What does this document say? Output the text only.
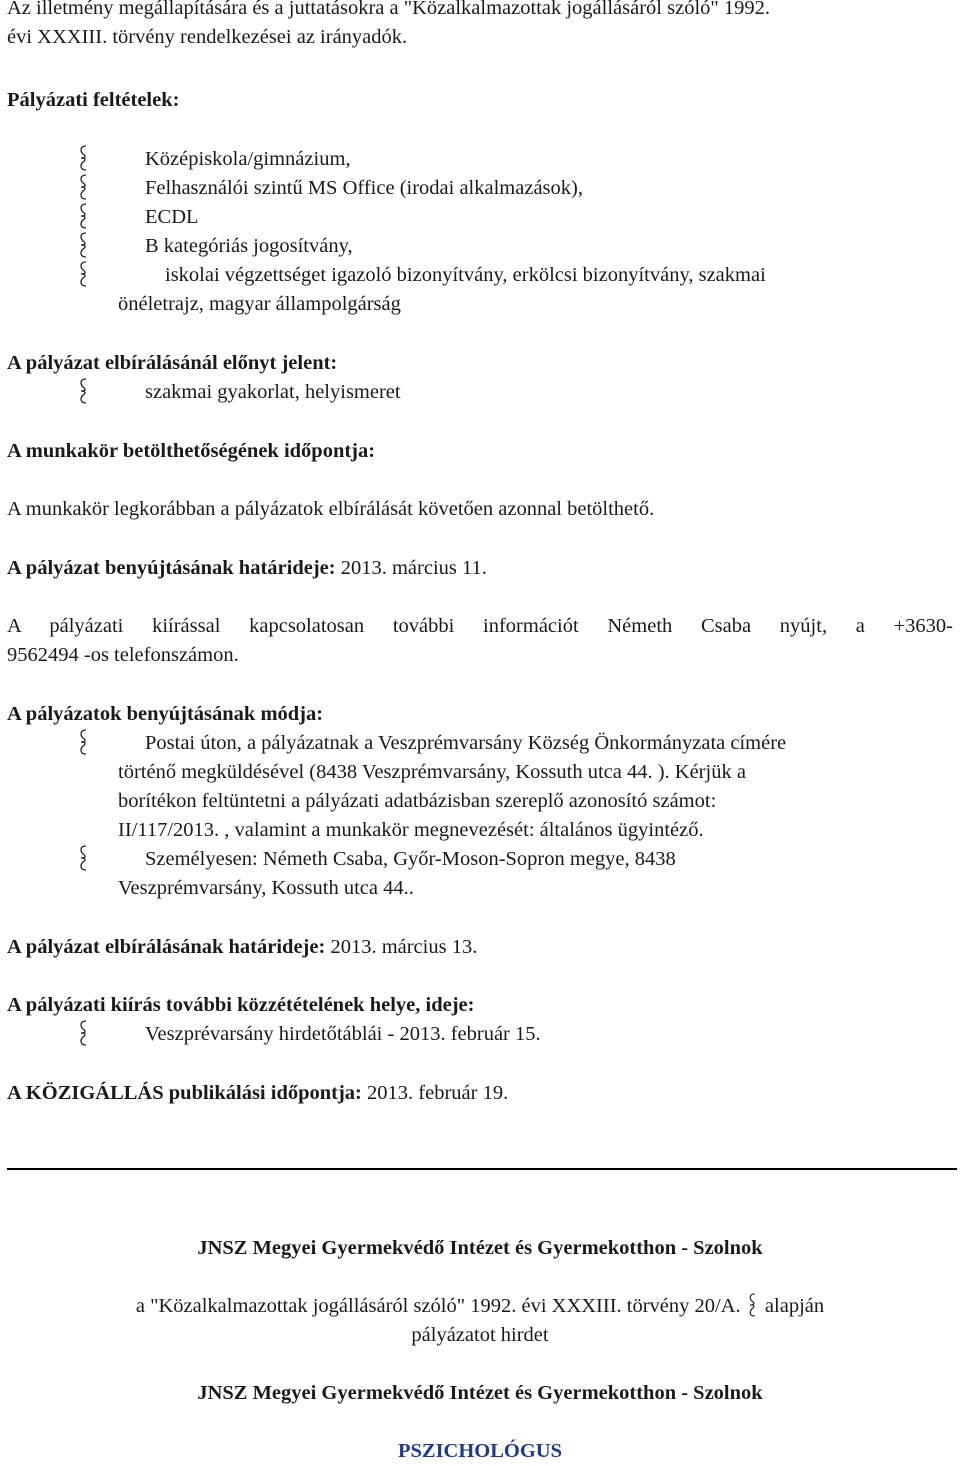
Az illetmény megállapítására és a juttatásokra a "Közalkalmazottak jogállásáról szóló" 1992.
évi XXXIII. törvény rendelkezései az irányadók.
Pályázati feltételek:
Középiskola/gimnázium,
Felhasználói szintű MS Office (irodai alkalmazások),
ECDL
B kategóriás jogosítvány,
iskolai végzettséget igazoló bizonyítvány, erkölcsi bizonyítvány, szakmai
önéletrajz, magyar állampolgárság
A pályázat elbírálásánál előnyt jelent:
szakmai gyakorlat, helyismeret
A munkakör betölthetőségének időpontja:
A munkakör legkorábban a pályázatok elbírálását követően azonnal betölthető.
A pályázat benyújtásának határideje: 2013. március 11.
A pályázati kiírással kapcsolatosan további információt Németh Csaba nyújt, a +3630-
9562494 -os telefonszámon.
A pályázatok benyújtásának módja:
Postai úton, a pályázatnak a Veszprémvarsány Község Önkormányzata címére
történő megküldésével (8438 Veszprémvarsány, Kossuth utca 44. ). Kérjük a
borítékon feltüntetni a pályázati adatbázisban szereplő azonosító számot:
II/117/2013. , valamint a munkakör megnevezését: általános ügyintéző.
Személyesen: Németh Csaba, Győr-Moson-Sopron megye, 8438
Veszprémvarsány, Kossuth utca 44..
A pályázat elbírálásának határideje: 2013. március 13.
A pályázati kiírás további közzétételének helye, ideje:
Veszprévarsány hirdetőtáblái - 2013. február 15.
A KÖZIGÁLLÁS publikálási időpontja: 2013. február 19.
JNSZ Megyei Gyermekvédő Intézet és Gyermekotthon - Szolnok
a "Közalkalmazottak jogállásáról szóló" 1992. évi XXXIII. törvény 20/A. alapján
pályázatot hirdet
JNSZ Megyei Gyermekvédő Intézet és Gyermekotthon - Szolnok
PSZICHOLÓGUS
